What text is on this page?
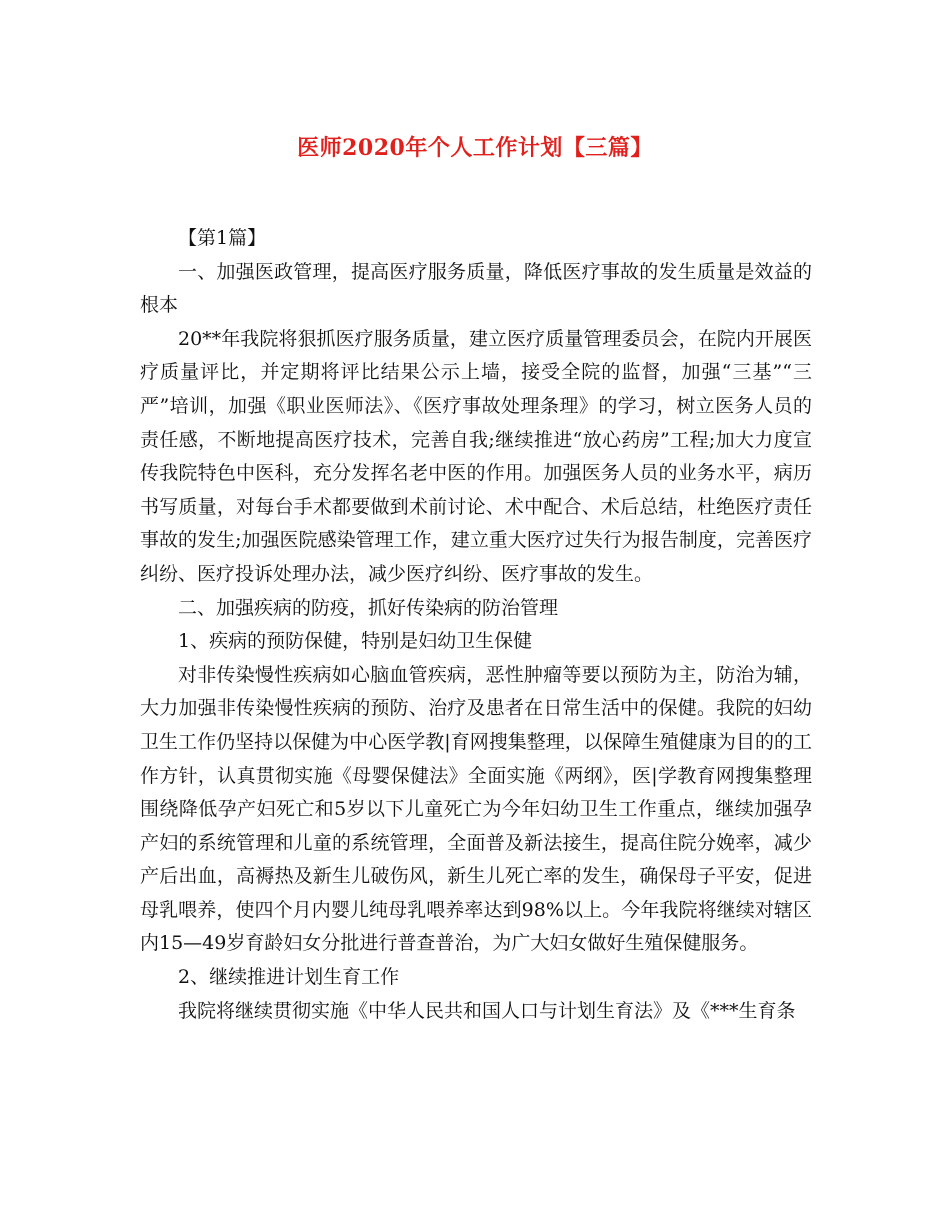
医师2020年个人工作计划【三篇】

【第1篇】

一、加强医政管理，提高医疗服务质量，降低医疗事故的发生质量是效益的根本

20**年我院将狠抓医疗服务质量，建立医疗质量管理委员会，在院内开展医疗质量评比，并定期将评比结果公示上墙，接受全院的监督，加强“三基”“三严”培训，加强《职业医师法》、《医疗事故处理条理》的学习，树立医务人员的责任感，不断地提高医疗技术，完善自我;继续推进“放心药房”工程;加大力度宣传我院特色中医科，充分发挥名老中医的作用。加强医务人员的业务水平，病历书写质量，对每台手术都要做到术前讨论、术中配合、术后总结，杜绝医疗责任事故的发生;加强医院感染管理工作，建立重大医疗过失行为报告制度，完善医疗纠纷、医疗投诉处理办法，减少医疗纠纷、医疗事故的发生。

二、加强疾病的防疫，抓好传染病的防治管理

1、疾病的预防保健，特别是妇幼卫生保健

对非传染慢性疾病如心脑血管疾病，恶性肿瘤等要以预防为主，防治为辅，大力加强非传染慢性疾病的预防、治疗及患者在日常生活中的保健。我院的妇幼卫生工作仍坚持以保健为中心医学教|育网搜集整理，以保障生殖健康为目的的工作方针，认真贯彻实施《母婴保健法》全面实施《两纲》，医|学教育网搜集整理围绕降低孕产妇死亡和5岁以下儿童死亡为今年妇幼卫生工作重点，继续加强孕产妇的系统管理和儿童的系统管理，全面普及新法接生，提高住院分娩率，减少产后出血，高褥热及新生儿破伤风，新生儿死亡率的发生，确保母子平安，促进母乳喂养，使四个月内婴儿纯母乳喂养率达到98%以上。今年我院将继续对辖区内15—49岁育龄妇女分批进行普查普治，为广大妇女做好生殖保健服务。

2、继续推进计划生育工作

我院将继续贯彻实施《中华人民共和国人口与计划生育法》及《***生育条
